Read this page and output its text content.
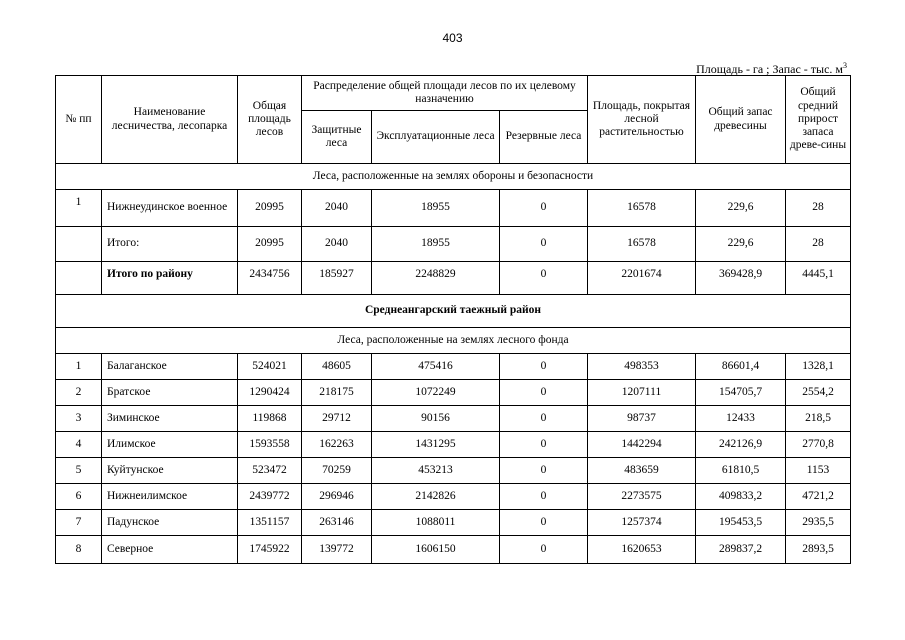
403
Площадь - га ; Запас - тыс. $м^3$
№ пп	Наименование лесничества, лесопарка	Общая площадь лесов	Распределение общей площади лесов по их целевому назначению			Площадь, покрытая лесной растительностью	Общий запас древесины	Общий средний прирост запаса древе-сины
			Защитные леса	Эксплуатационные леса	Резервные леса			
Леса, расположенные на землях обороны и безопасности								
1	Нижнеудинское военное	20995	2040	18955	0	16578	229,6	28
	Итого:	20995	2040	18955	0	16578	229,6	28
	Итого по району	2434756	185927	2248829	0	2201674	369428,9	4445,1
Среднеангарский таежный район								
Леса, расположенные на землях лесного фонда								
1	Балаганское	524021	48605	475416	0	498353	86601,4	1328,1
2	Братское	1290424	218175	1072249	0	1207111	154705,7	2554,2
3	Зиминское	119868	29712	90156	0	98737	12433	218,5
4	Илимское	1593558	162263	1431295	0	1442294	242126,9	2770,8
5	Куйтунское	523472	70259	453213	0	483659	61810,5	1153
6	Нижнеилимское	2439772	296946	2142826	0	2273575	409833,2	4721,2
7	Падунское	1351157	263146	1088011	0	1257374	195453,5	2935,5
8	Северное	1745922	139772	1606150	0	1620653	289837,2	2893,5
